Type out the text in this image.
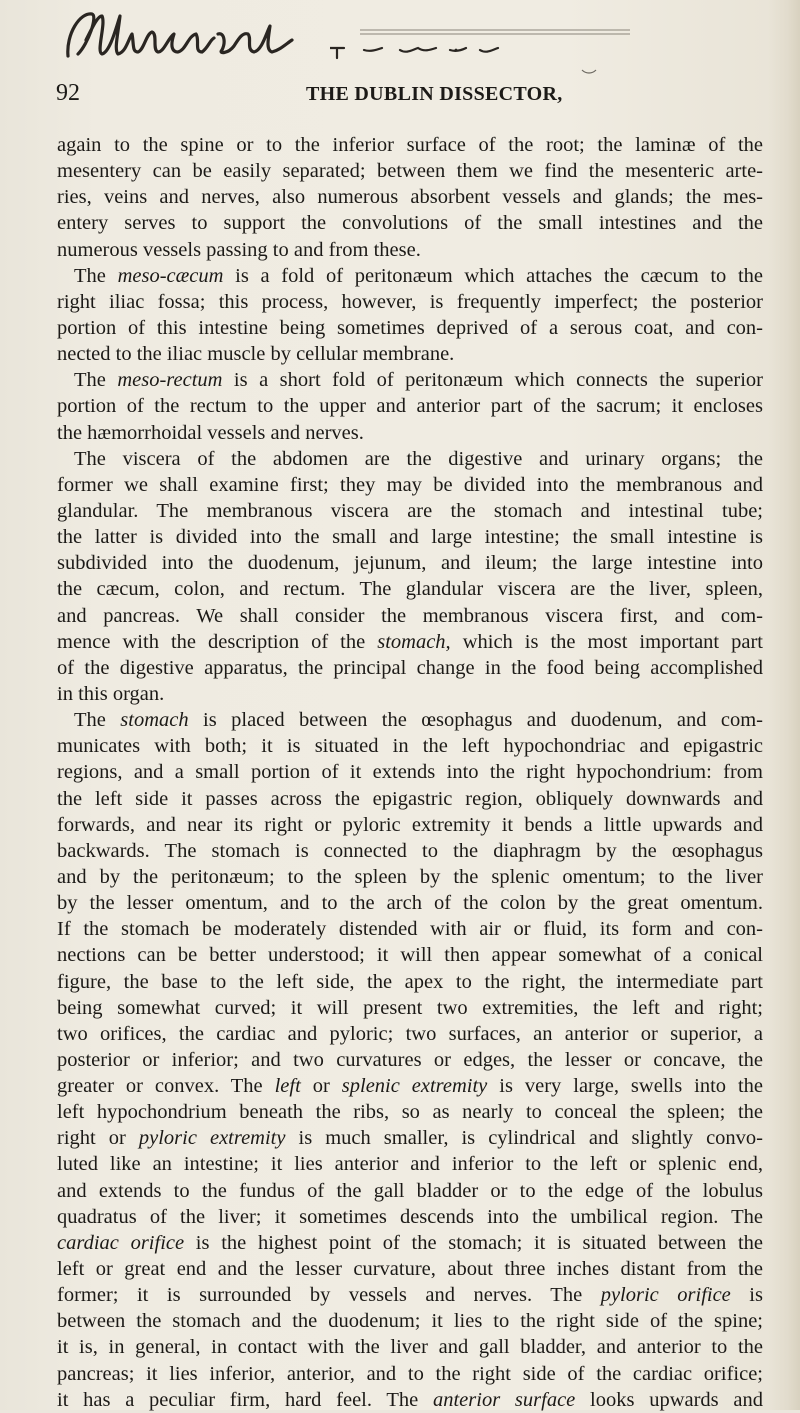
92	THE DUBLIN DISSECTOR,
again to the spine or to the inferior surface of the root; the laminæ of the
mesentery can be easily separated; between them we find the mesenteric arte-
ries, veins and nerves, also numerous absorbent vessels and glands; the mes-
entery serves to support the convolutions of the small intestines and the
numerous vessels passing to and from these.
The meso-cæcum is a fold of peritonæum which attaches the cæcum to the
right iliac fossa; this process, however, is frequently imperfect; the posterior
portion of this intestine being sometimes deprived of a serous coat, and con-
nected to the iliac muscle by cellular membrane.
The meso-rectum is a short fold of peritonæum which connects the superior
portion of the rectum to the upper and anterior part of the sacrum; it encloses
the hæmorrhoidal vessels and nerves.
The viscera of the abdomen are the digestive and urinary organs; the
former we shall examine first; they may be divided into the membranous and
glandular. The membranous viscera are the stomach and intestinal tube;
the latter is divided into the small and large intestine; the small intestine is
subdivided into the duodenum, jejunum, and ileum; the large intestine into
the cæcum, colon, and rectum. The glandular viscera are the liver, spleen,
and pancreas. We shall consider the membranous viscera first, and com-
mence with the description of the stomach, which is the most important part
of the digestive apparatus, the principal change in the food being accomplished
in this organ.
The stomach is placed between the œsophagus and duodenum, and com-
municates with both; it is situated in the left hypochondriac and epigastric
regions, and a small portion of it extends into the right hypochondrium: from
the left side it passes across the epigastric region, obliquely downwards and
forwards, and near its right or pyloric extremity it bends a little upwards and
backwards. The stomach is connected to the diaphragm by the œsophagus
and by the peritonæum; to the spleen by the splenic omentum; to the liver
by the lesser omentum, and to the arch of the colon by the great omentum.
If the stomach be moderately distended with air or fluid, its form and con-
nections can be better understood; it will then appear somewhat of a conical
figure, the base to the left side, the apex to the right, the intermediate part
being somewhat curved; it will present two extremities, the left and right;
two orifices, the cardiac and pyloric; two surfaces, an anterior or superior, a
posterior or inferior; and two curvatures or edges, the lesser or concave, the
greater or convex. The left or splenic extremity is very large, swells into the
left hypochondrium beneath the ribs, so as nearly to conceal the spleen; the
right or pyloric extremity is much smaller, is cylindrical and slightly convo-
luted like an intestine; it lies anterior and inferior to the left or splenic end,
and extends to the fundus of the gall bladder or to the edge of the lobulus
quadratus of the liver; it sometimes descends into the umbilical region. The
cardiac orifice is the highest point of the stomach; it is situated between the
left or great end and the lesser curvature, about three inches distant from the
former; it is surrounded by vessels and nerves. The pyloric orifice is
between the stomach and the duodenum; it lies to the right side of the spine;
it is, in general, in contact with the liver and gall bladder, and anterior to the
pancreas; it lies inferior, anterior, and to the right side of the cardiac orifice;
it has a peculiar firm, hard feel. The anterior surface looks upwards and
